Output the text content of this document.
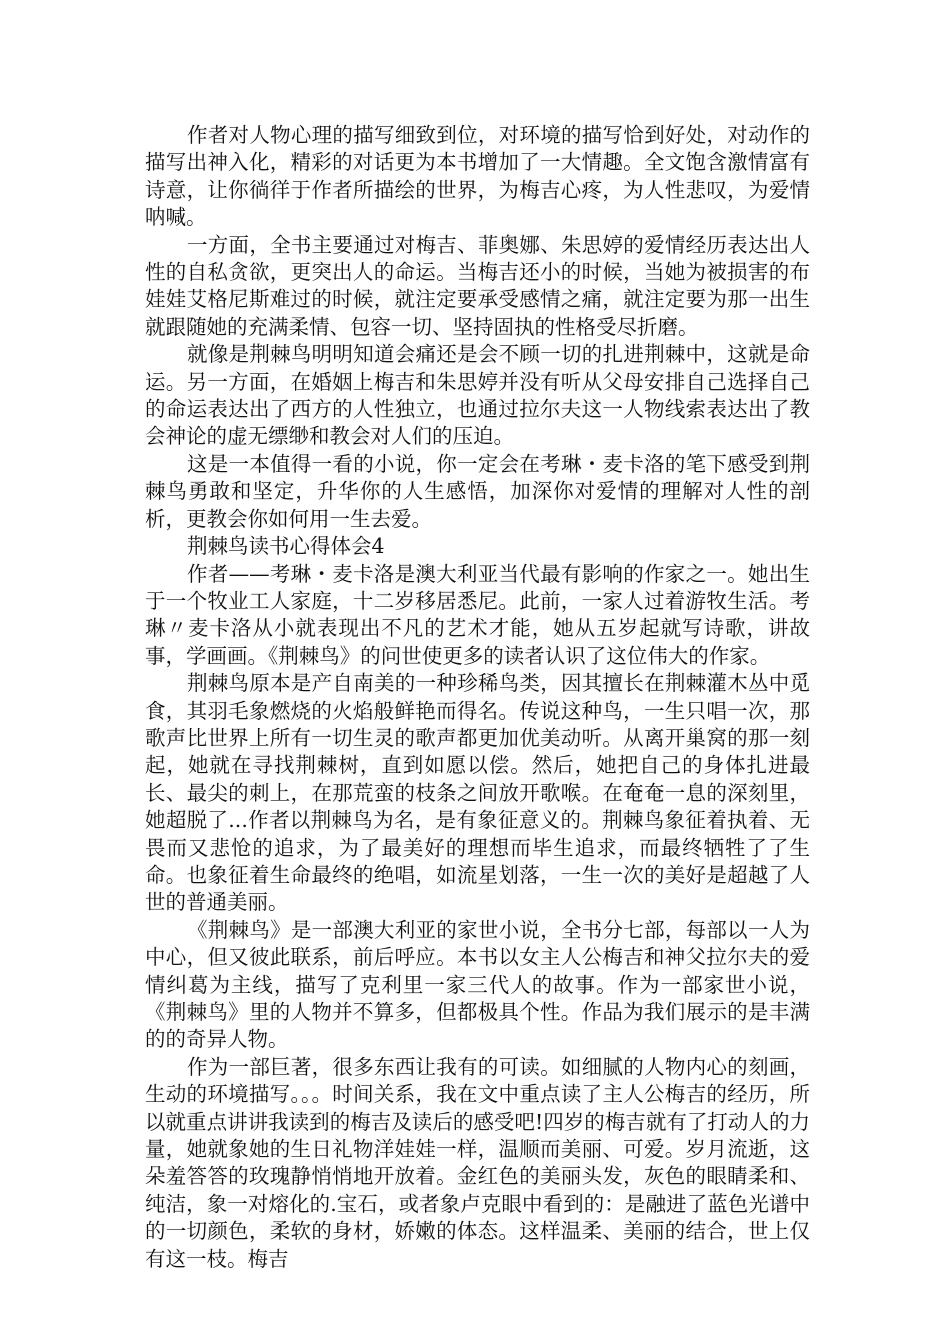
作者对人物心理的描写细致到位，对环境的描写恰到好处，对动作的描写出神入化，精彩的对话更为本书增加了一大情趣。全文饱含激情富有诗意，让你徜徉于作者所描绘的世界，为梅吉心疼，为人性悲叹，为爱情呐喊。

一方面，全书主要通过对梅吉、菲奥娜、朱思婷的爱情经历表达出人性的自私贪欲，更突出人的命运。当梅吉还小的时候，当她为被损害的布娃娃艾格尼斯难过的时候，就注定要承受感情之痛，就注定要为那一出生就跟随她的充满柔情、包容一切、坚持固执的性格受尽折磨。

就像是荆棘鸟明明知道会痛还是会不顾一切的扎进荆棘中，这就是命运。另一方面，在婚姻上梅吉和朱思婷并没有听从父母安排自己选择自己的命运表达出了西方的人性独立，也通过拉尔夫这一人物线索表达出了教会神论的虚无缥缈和教会对人们的压迫。

这是一本值得一看的小说，你一定会在考琳・麦卡洛的笔下感受到荆棘鸟勇敢和坚定，升华你的人生感悟，加深你对爱情的理解对人性的剖析，更教会你如何用一生去爱。

荆棘鸟读书心得体会4

作者——考琳・麦卡洛是澳大利亚当代最有影响的作家之一。她出生于一个牧业工人家庭，十二岁移居悉尼。此前，一家人过着游牧生活。考琳〃麦卡洛从小就表现出不凡的艺术才能，她从五岁起就写诗歌，讲故事，学画画。《荆棘鸟》的问世使更多的读者认识了这位伟大的作家。

荆棘鸟原本是产自南美的一种珍稀鸟类，因其擅长在荆棘灌木丛中觅食，其羽毛象燃烧的火焰般鲜艳而得名。传说这种鸟，一生只唱一次，那歌声比世界上所有一切生灵的歌声都更加优美动听。从离开巢窝的那一刻起，她就在寻找荆棘树，直到如愿以偿。然后，她把自己的身体扎进最长、最尖的刺上，在那荒蛮的枝条之间放开歌喉。在奄奄一息的深刻里，她超脱了...作者以荆棘鸟为名，是有象征意义的。荆棘鸟象征着执着、无畏而又悲怆的追求，为了最美好的理想而毕生追求，而最终牺牲了了生命。也象征着生命最终的绝唱，如流星划落，一生一次的美好是超越了人世的普通美丽。

《荆棘鸟》是一部澳大利亚的家世小说，全书分七部，每部以一人为中心，但又彼此联系，前后呼应。本书以女主人公梅吉和神父拉尔夫的爱情纠葛为主线，描写了克利里一家三代人的故事。作为一部家世小说，《荆棘鸟》里的人物并不算多，但都极具个性。作品为我们展示的是丰满的的奇异人物。

作为一部巨著，很多东西让我有的可读。如细腻的人物内心的刻画，生动的环境描写。。。时间关系，我在文中重点读了主人公梅吉的经历，所以就重点讲讲我读到的梅吉及读后的感受吧!四岁的梅吉就有了打动人的力量，她就象她的生日礼物洋娃娃一样，温顺而美丽、可爱。岁月流逝，这朵羞答答的玫瑰静悄悄地开放着。金红色的美丽头发，灰色的眼睛柔和、纯洁，象一对熔化的.宝石，或者象卢克眼中看到的：是融进了蓝色光谱中的一切颜色，柔软的身材，娇嫩的体态。这样温柔、美丽的结合，世上仅有这一枝。梅吉
